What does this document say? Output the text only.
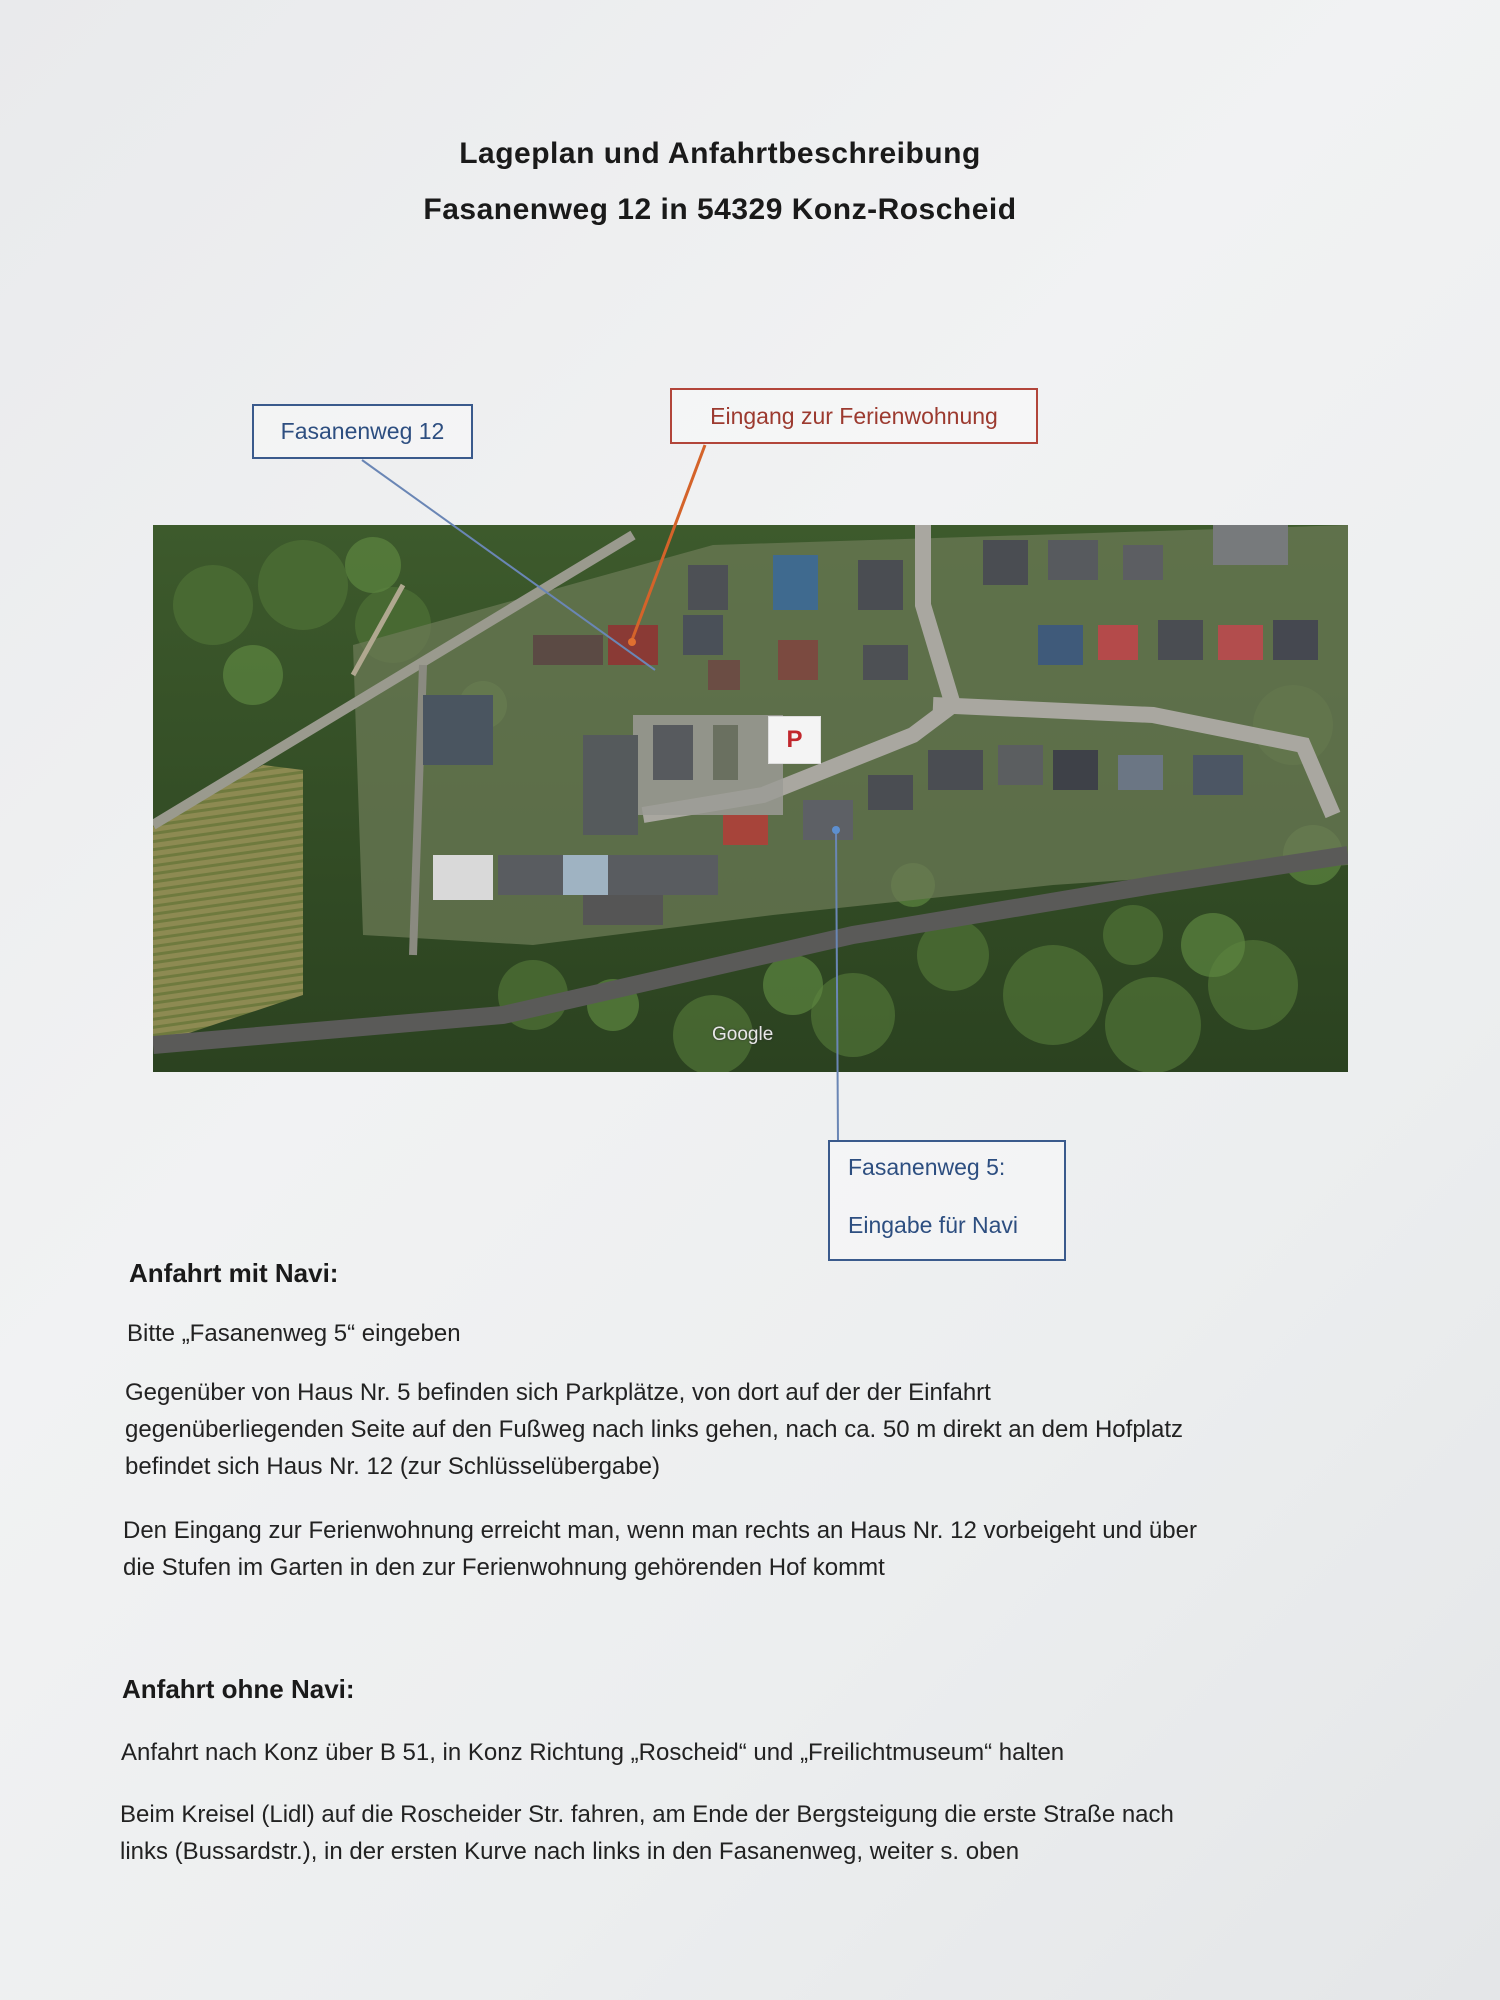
Lageplan und Anfahrtbeschreibung
Fasanenweg 12 in 54329 Konz-Roscheid
Fasanenweg 12
Eingang zur Ferienwohnung
P
Google
Fasanenweg 5:
Eingabe für Navi
Anfahrt mit Navi:
Bitte „Fasanenweg 5“ eingeben
Gegenüber von Haus Nr. 5 befinden sich Parkplätze, von dort auf der der Einfahrt
gegenüberliegenden Seite auf den Fußweg nach links gehen, nach ca. 50 m direkt an dem Hofplatz
befindet sich Haus Nr. 12 (zur Schlüsselübergabe)
Den Eingang zur Ferienwohnung erreicht man, wenn man rechts an Haus Nr. 12 vorbeigeht und über
die Stufen im Garten in den zur Ferienwohnung gehörenden Hof kommt
Anfahrt ohne Navi:
Anfahrt nach Konz über B 51, in Konz Richtung „Roscheid“ und „Freilichtmuseum“ halten
Beim Kreisel (Lidl) auf die Roscheider Str. fahren, am Ende der Bergsteigung die erste Straße nach
links (Bussardstr.), in der ersten Kurve nach links in den Fasanenweg, weiter s. oben
